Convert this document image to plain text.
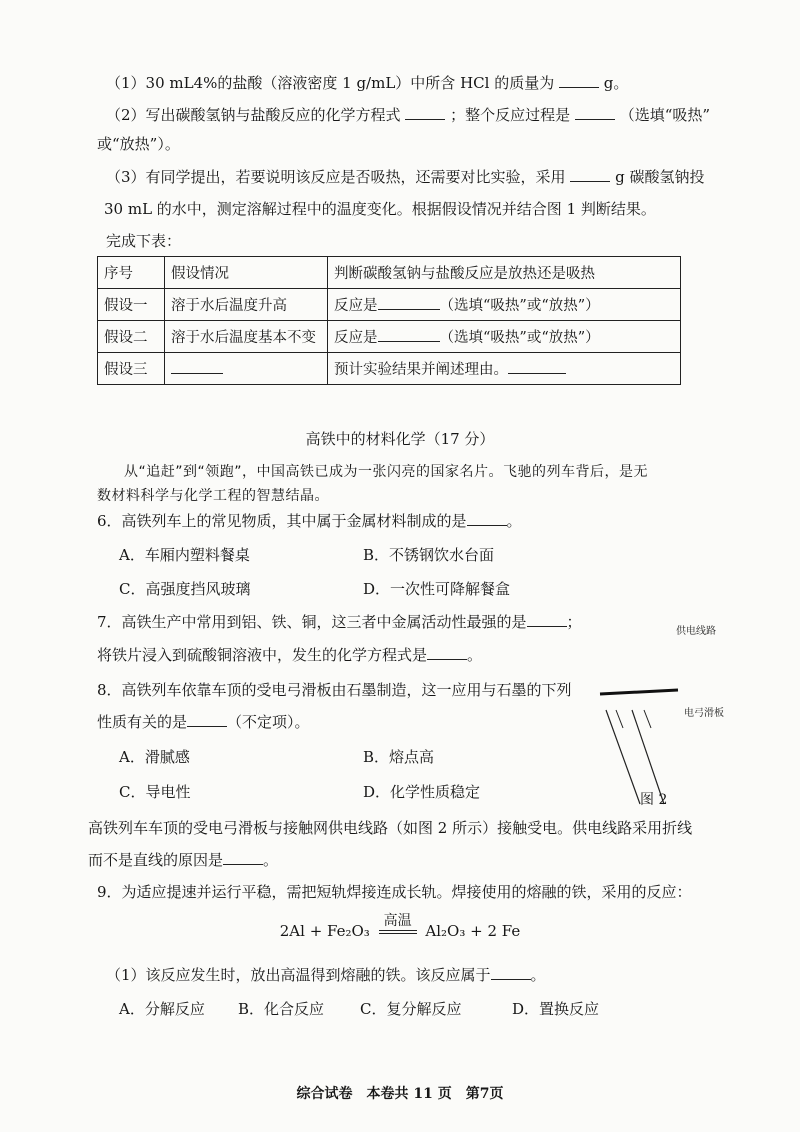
（1）30 mL4%的盐酸（溶液密度 1 g/mL）中所含 HCl 的质量为	g。
（2）写出碳酸氢钠与盐酸反应的化学方程式	；整个反应过程是	（选填“吸热”
或“放热”）。
（3）有同学提出，若要说明该反应是否吸热，还需要对比实验，采用	g 碳酸氢钠投
30 mL 的水中，测定溶解过程中的温度变化。根据假设情况并结合图 1 判断结果。
完成下表：
序号	假设情况	判断碳酸氢钠与盐酸反应是放热还是吸热
假设一	溶于水后温度升高	反应是 （选填“吸热”或“放热”）
假设二	溶于水后温度基本不变	反应是 （选填“吸热”或“放热”）
假设三		预计实验结果并阐述理由。
高铁中的材料化学（17 分）
从“追赶”到“领跑”，中国高铁已成为一张闪亮的国家名片。飞驰的列车背后，是无
数材料科学与化学工程的智慧结晶。
6．高铁列车上的常见物质，其中属于金属材料制成的是	。
A．车厢内塑料餐桌	B．不锈钢饮水台面
C．高强度挡风玻璃	D．一次性可降解餐盒
7．高铁生产中常用到铝、铁、铜，这三者中金属活动性最强的是	；
将铁片浸入到硫酸铜溶液中，发生的化学方程式是	。
8．高铁列车依靠车顶的受电弓滑板由石墨制造，这一应用与石墨的下列
性质有关的是	（不定项）。
A．滑腻感	B．熔点高
C．导电性	D．化学性质稳定
高铁列车车顶的受电弓滑板与接触网供电线路（如图 2 所示）接触受电。供电线路采用折线
而不是直线的原因是	。
供电线路
电弓滑板
图 2
9．为适应提速并运行平稳，需把短轨焊接连成长轨。焊接使用的熔融的铁，采用的反应：
2Al + Fe₂O₃
高温
Al₂O₃ + 2 Fe
（1）该反应发生时，放出高温得到熔融的铁。该反应属于	。
A．分解反应 B．化合反应 C．复分解反应	D．置换反应
综合试卷　本卷共 11 页　第7页
